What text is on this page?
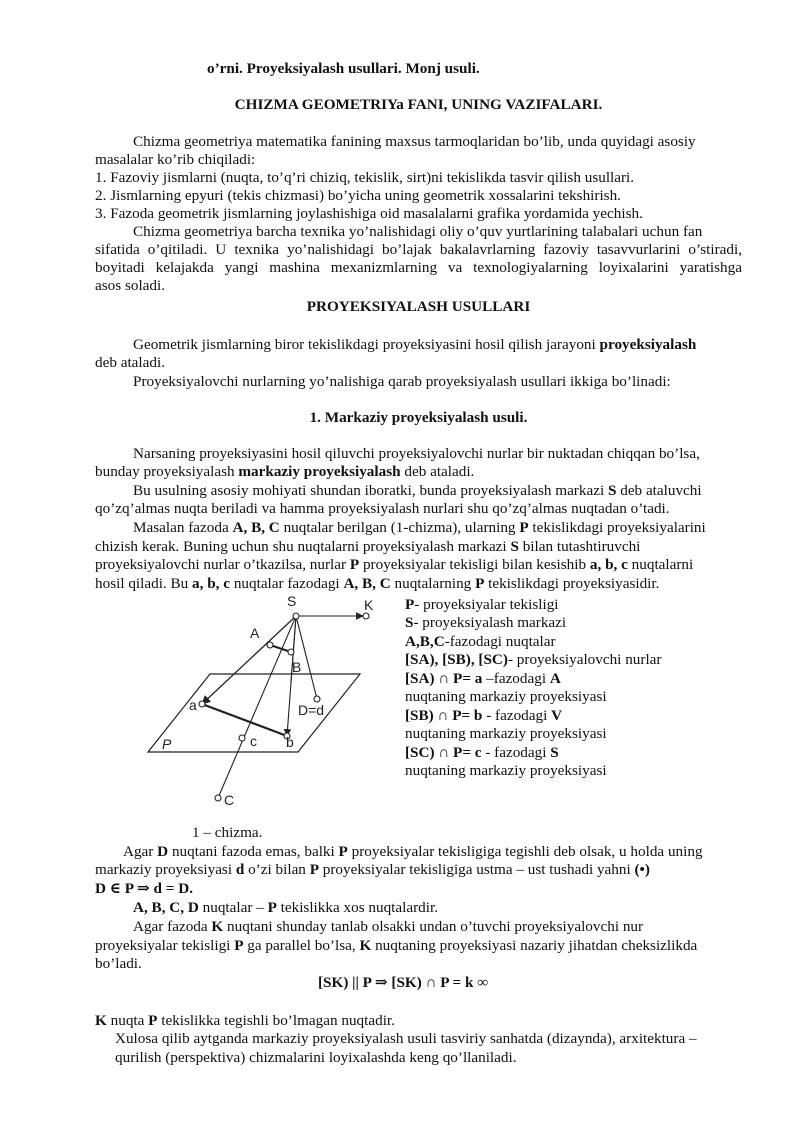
o’rni. Proyeksiyalash usullari. Monj usuli.
CHIZMA GEOMETRIYa FANI, UNING VAZIFALARI.
Chizma geometriya matematika fanining maxsus tarmoqlaridan bo’lib, unda quyidagi asosiy
masalalar ko’rib chiqiladi:
1. Fazoviy jismlarni (nuqta, to’q’ri chiziq, tekislik, sirt)ni tekislikda tasvir qilish usullari.
2. Jismlarning epyuri (tekis chizmasi) bo’yicha uning geometrik xossalarini tekshirish.
3. Fazoda geometrik jismlarning joylashishiga oid masalalarni grafika yordamida yechish.
Chizma geometriya barcha texnika yo’nalishidagi oliy o’quv yurtlarining talabalari uchun fan
sifatida o’qitiladi. U texnika yo’nalishidagi bo’lajak bakalavrlarning fazoviy tasavvurlarini o’stiradi,
boyitadi kelajakda yangi mashina mexanizmlarning va texnologiyalarning loyixalarini yaratishga
asos soladi.
PROYEKSIYALASH USULLARI
Geometrik jismlarning biror tekislikdagi proyeksiyasini hosil qilish jarayoni proyeksiyalash
deb ataladi.
Proyeksiyalovchi nurlarning yo’nalishiga qarab proyeksiyalash usullari ikkiga bo’linadi:
1. Markaziy proyeksiyalash usuli.
Narsaning proyeksiyasini hosil qiluvchi proyeksiyalovchi nurlar bir nuktadan chiqqan bo’lsa,
bunday proyeksiyalash markaziy proyeksiyalash deb ataladi.
Bu usulning asosiy mohiyati shundan iboratki, bunda proyeksiyalash markazi S deb ataluvchi
qo’zq’almas nuqta beriladi va hamma proyeksiyalash nurlari shu qo’zq’almas nuqtadan o’tadi.
Masalan fazoda A, B, C nuqtalar berilgan (1-chizma), ularning P tekislikdagi proyeksiyalarini
chizish kerak. Buning uchun shu nuqtalarni proyeksiyalash markazi S bilan tutashtiruvchi
proyeksiyalovchi nurlar o’tkazilsa, nurlar P proyeksiyalar tekisligi bilan kesishib a, b, c nuqtalarni
hosil qiladi. Bu a, b, c nuqtalar fazodagi A, B, C nuqtalarning P tekislikdagi proyeksiyasidir.
S	K
A
B
a	D=d
P	c b
C
P- proyeksiyalar tekisligi
S- proyeksiyalash markazi
A,B,C-fazodagi nuqtalar
[SA), [SB), [SC)- proyeksiyalovchi nurlar
[SA) ∩ P= a –fazodagi A
nuqtaning markaziy proyeksiyasi
[SB) ∩ P= b - fazodagi V
nuqtaning markaziy proyeksiyasi
[SC) ∩ P= c - fazodagi S
nuqtaning markaziy proyeksiyasi
1 – chizma.
Agar D nuqtani fazoda emas, balki P proyeksiyalar tekisligiga tegishli deb olsak, u holda uning
markaziy proyeksiyasi d o’zi bilan P proyeksiyalar tekisligiga ustma – ust tushadi yahni (•)
D ∈ P ⇒ d = D.
A, B, C, D nuqtalar – P tekislikka xos nuqtalardir.
Agar fazoda K nuqtani shunday tanlab olsakki undan o’tuvchi proyeksiyalovchi nur
proyeksiyalar tekisligi P ga parallel bo’lsa, K nuqtaning proyeksiyasi nazariy jihatdan cheksizlikda
bo’ladi.
[SK) || P ⇒ [SK) ∩ P = k ∞
K nuqta P tekislikka tegishli bo’lmagan nuqtadir.
Xulosa qilib aytganda markaziy proyeksiyalash usuli tasviriy sanhatda (dizaynda), arxitektura –
qurilish (perspektiva) chizmalarini loyixalashda keng qo’llaniladi.
